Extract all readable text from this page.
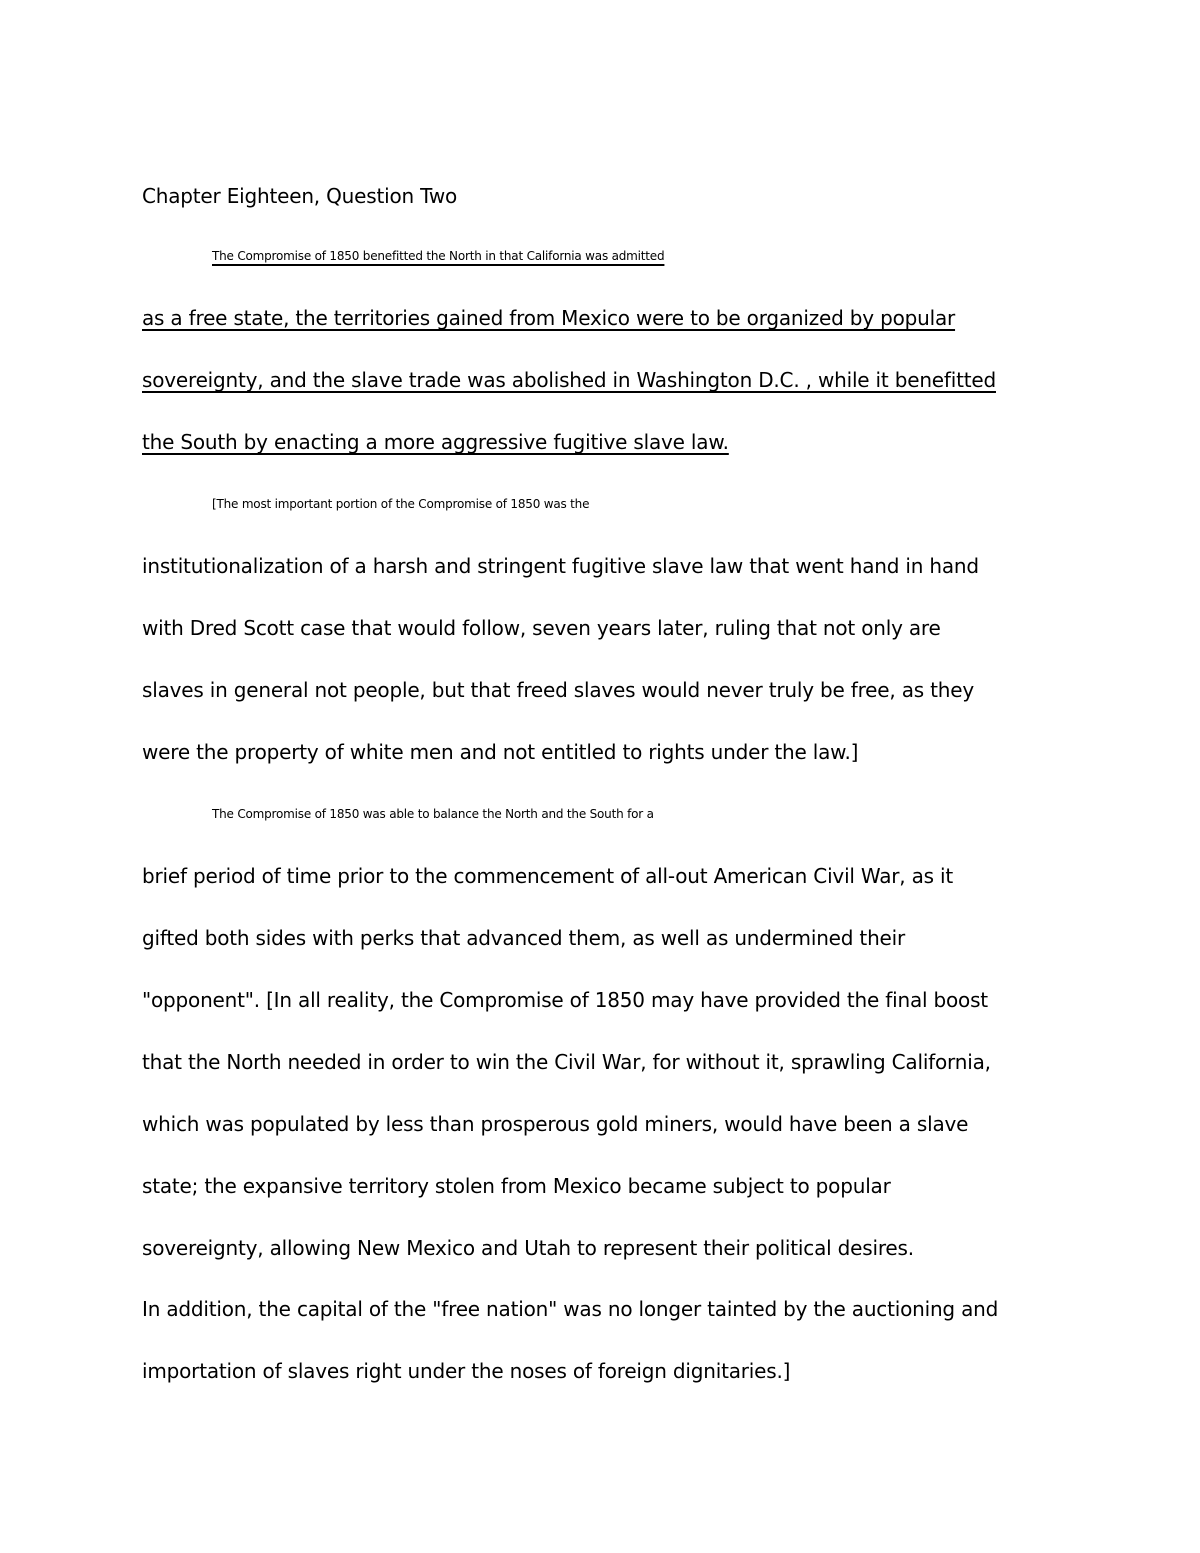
Chapter Eighteen, Question Two
The Compromise of 1850 benefitted the North in that California was admitted
as a free state, the territories gained from Mexico were to be organized by popular
sovereignty, and the slave trade was abolished in Washington D.C. , while it benefitted
the South by enacting a more aggressive fugitive slave law.
[The most important portion of the Compromise of 1850 was the
institutionalization of a harsh and stringent fugitive slave law that went hand in hand
with Dred Scott case that would follow, seven years later, ruling that not only are
slaves in general not people, but that freed slaves would never truly be free, as they
were the property of white men and not entitled to rights under the law.]
The Compromise of 1850 was able to balance the North and the South for a
brief period of time prior to the commencement of all-out American Civil War, as it
gifted both sides with perks that advanced them, as well as undermined their
"opponent". [In all reality, the Compromise of 1850 may have provided the final boost
that the North needed in order to win the Civil War, for without it, sprawling California,
which was populated by less than prosperous gold miners, would have been a slave
state; the expansive territory stolen from Mexico became subject to popular
sovereignty, allowing New Mexico and Utah to represent their political desires.
In addition, the capital of the "free nation" was no longer tainted by the auctioning and
importation of slaves right under the noses of foreign dignitaries.]
